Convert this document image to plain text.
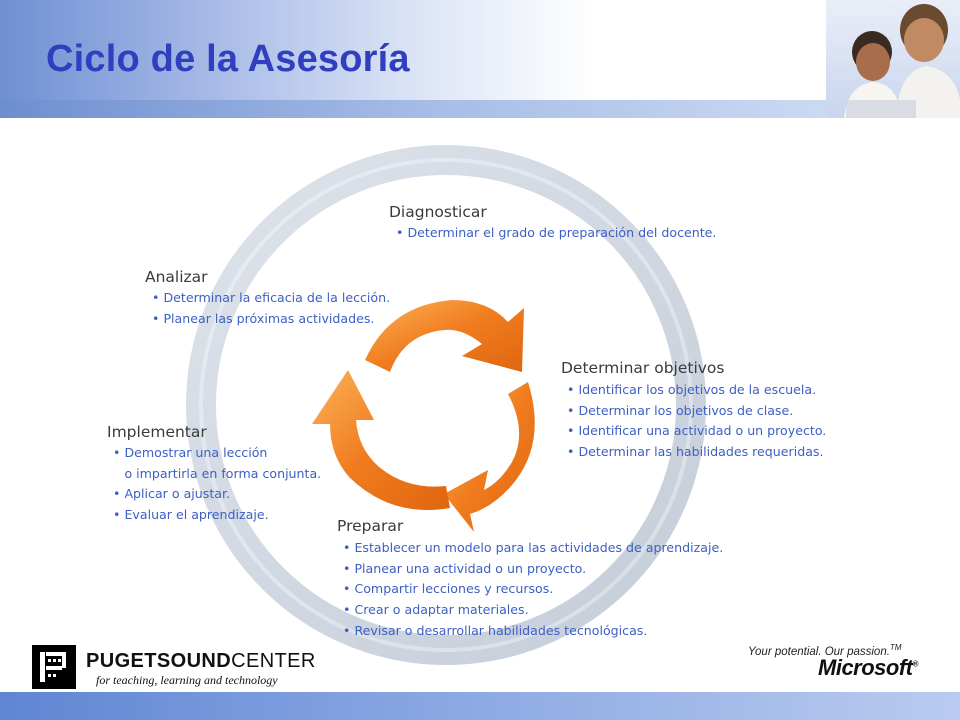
Ciclo de la Asesoría
Diagnosticar
• Determinar el grado de preparación del docente.
Analizar
• Determinar la eficacia de la lección.
• Planear las próximas actividades.
Determinar objetivos
• Identificar los objetivos de la escuela.
• Determinar los objetivos de clase.
• Identificar una actividad o un proyecto.
• Determinar las habilidades requeridas.
Implementar
• Demostrar una lección
o impartirla en forma conjunta.
• Aplicar o ajustar.
• Evaluar el aprendizaje.
Preparar
• Establecer un modelo para las actividades de aprendizaje.
• Planear una actividad o un proyecto.
• Compartir lecciones y recursos.
• Crear o adaptar materiales.
• Revisar o desarrollar habilidades tecnológicas.

PUGETSOUNDCENTER

for teaching, learning and technology

Your potential. Our passion.™

Microsoft®
